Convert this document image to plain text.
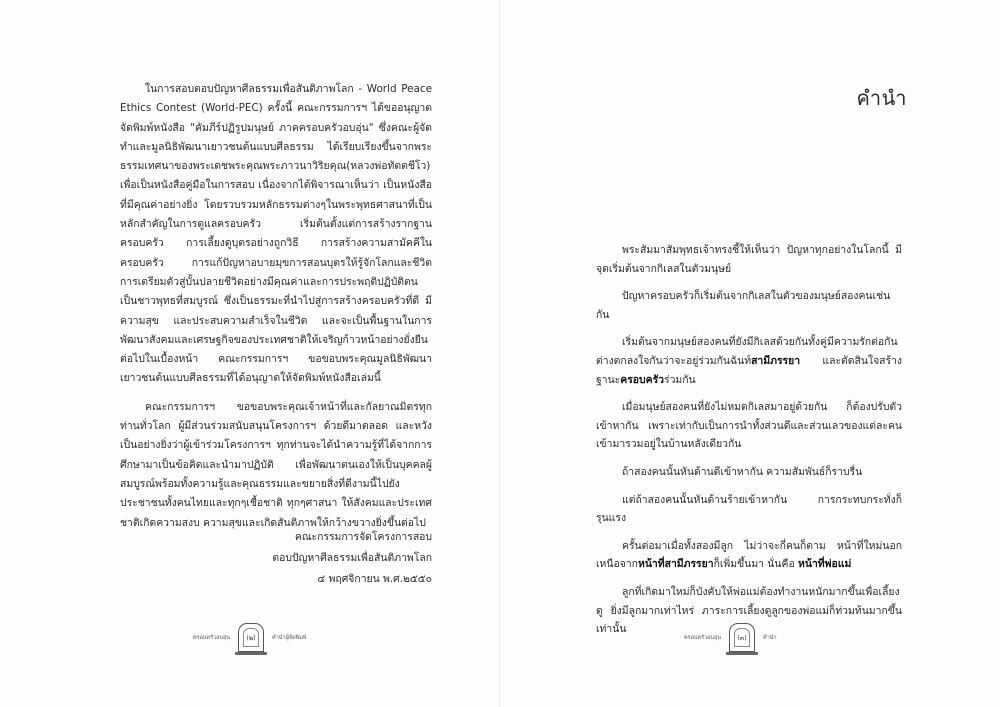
ในการสอบตอบปัญหาศีลธรรมเพื่อสันติภาพโลก - World Peace Ethics Contest (World-PEC) ครั้งนี้ คณะกรรมการฯ ได้ขออนุญาตจัดพิมพ์หนังสือ "คัมภีร์ปฏิรูปมนุษย์ ภาคครอบครัวอบอุ่น" ซึ่งคณะผู้จัดทำและมูลนิธิพัฒนาเยาวชนต้นแบบศีลธรรม ได้เรียบเรียงขึ้นจากพระธรรมเทศนาของพระเดชพระคุณพระภาวนาวิริยคุณ(หลวงพ่อทัตตชีโว) เพื่อเป็นหนังสือคู่มือในการสอบ เนื่องจากได้พิจารณาเห็นว่า เป็นหนังสือที่มีคุณค่าอย่างยิ่ง โดยรวบรวมหลักธรรมต่างๆในพระพุทธศาสนาที่เป็นหลักสำคัญในการดูแลครอบครัว เริ่มต้นตั้งแต่การสร้างรากฐานครอบครัว การเลี้ยงดูบุตรอย่างถูกวิธี การสร้างความสามัคคีในครอบครัว การแก้ปัญหาอบายมุขการสอนบุตรให้รู้จักโลกและชีวิต การเตรียมตัวสู่บั้นปลายชีวิตอย่างมีคุณค่าและการประพฤติปฏิบัติตนเป็นชาวพุทธที่สมบูรณ์ ซึ่งเป็นธรรมะที่นำไปสู่การสร้างครอบครัวที่ดี มีความสุข และประสบความสำเร็จในชีวิต และจะเป็นพื้นฐานในการพัฒนาสังคมและเศรษฐกิจของประเทศชาติให้เจริญก้าวหน้าอย่างยั่งยืนต่อไปในเบื้องหน้า คณะกรรมการฯ ขอขอบพระคุณมูลนิธิพัฒนาเยาวชนต้นแบบศีลธรรมที่ได้อนุญาตให้จัดพิมพ์หนังสือเล่มนี้

คณะกรรมการฯ ขอขอบพระคุณเจ้าหน้าที่และกัลยาณมิตรทุกท่านทั่วโลก ผู้มีส่วนร่วมสนับสนุนโครงการฯ ด้วยดีมาตลอด และหวังเป็นอย่างยิ่งว่าผู้เข้าร่วมโครงการฯ ทุกท่านจะได้นำความรู้ที่ได้จากการศึกษามาเป็นข้อคิดและนำมาปฏิบัติ เพื่อพัฒนาตนเองให้เป็นบุคคลผู้สมบูรณ์พร้อมทั้งความรู้และคุณธรรมและขยายสิ่งที่ดีงามนี้ไปยังประชาชนทั้งคนไทยและทุกๆเชื้อชาติ ทุกๆศาสนา ให้สังคมและประเทศชาติเกิดความสงบ ความสุขและเกิดสันติภาพให้กว้างขวางยิ่งขึ้นต่อไป

คณะกรรมการจัดโครงการสอบ
ตอบปัญหาศีลธรรมเพื่อสันติภาพโลก
๔ พฤศจิกายน พ.ศ.๒๕๕๐
ครอบครัวอบอุ่น	(๒)	คำนำผู้จัดพิมพ์
คำนำ

พระสัมมาสัมพุทธเจ้าทรงชี้ให้เห็นว่า ปัญหาทุกอย่างในโลกนี้ มีจุดเริ่มต้นจากกิเลสในตัวมนุษย์

ปัญหาครอบครัวก็เริ่มต้นจากกิเลสในตัวของมนุษย์สองคนเช่นกัน

เริ่มต้นจากมนุษย์สองคนที่ยังมีกิเลสด้วยกันทั้งคู่มีความรักต่อกันต่างตกลงใจกันว่าจะอยู่ร่วมกันฉันท์สามีภรรยา และตัดสินใจสร้างฐานะครอบครัวร่วมกัน

เมื่อมนุษย์สองคนที่ยังไม่หมดกิเลสมาอยู่ด้วยกัน ก็ต้องปรับตัวเข้าหากัน เพราะเท่ากับเป็นการนำทั้งส่วนดีและส่วนเลวของแต่ละคนเข้ามารวมอยู่ในบ้านหลังเดียวกัน

ถ้าสองคนนั้นหันด้านดีเข้าหากัน ความสัมพันธ์ก็ราบรื่น

แต่ถ้าสองคนนั้นหันด้านร้ายเข้าหากัน การกระทบกระทั่งก็รุนแรง

ครั้นต่อมาเมื่อทั้งสองมีลูก ไม่ว่าจะกี่คนก็ตาม หน้าที่ใหม่นอกเหนือจากหน้าที่สามีภรรยาก็เพิ่มขึ้นมา นั่นคือ หน้าที่พ่อแม่

ลูกที่เกิดมาใหม่ก็บังคับให้พ่อแม่ต้องทำงานหนักมากขึ้นเพื่อเลี้ยงดู ยิ่งมีลูกมากเท่าไหร่ ภาระการเลี้ยงดูลูกของพ่อแม่ก็ท่วมท้นมากขึ้นเท่านั้น

ครอบครัวอบอุ่น (๓)	คำนำ
